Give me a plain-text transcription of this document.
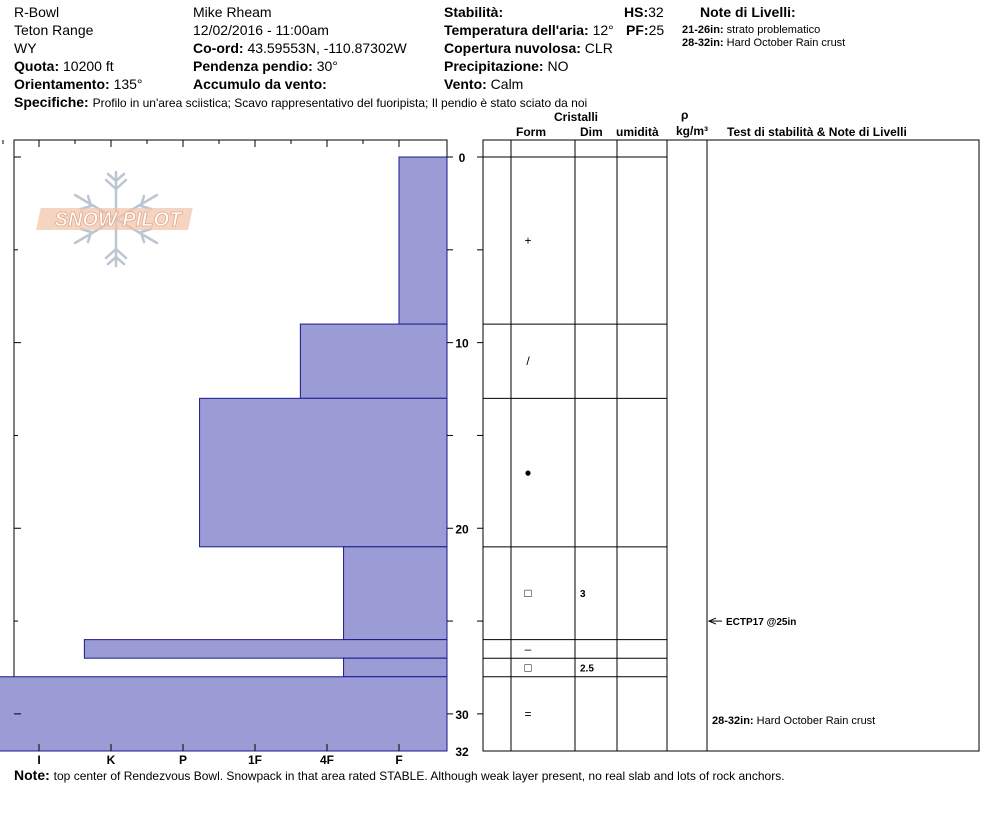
R-Bowl
Teton Range
WY
Quota: 10200 ft
Orientamento: 135°
Mike Rheam
12/02/2016 - 11:00am
Co-ord: 43.59553N, -110.87302W
Pendenza pendio: 30°
Accumulo da vento:
Stabilità:
Temperatura dell'aria: 12°
Copertura nuvolosa: CLR
Precipitazione: NO
Vento: Calm
HS:32
PF:25
Note di Livelli:
21-26in: strato problematico
28-32in: Hard October Rain crust
Specifiche: Profilo in un'area sciistica; Scavo rappresentativo del fuoripista; Il pendio è stato sciato da noi
Cristalli
Form	Dim umidità
ρ
kg/m³ Test di stabilità & Note di Livelli
SNOW PILOT
I	K	P	1F	4F	F
0
10
20
30
32
+
/
●
□	3
–
□	2.5
=
ECTP17 @25in
28-32in: Hard October Rain crust
Note: top center of Rendezvous Bowl. Snowpack in that area rated STABLE. Although weak layer present, no real slab and lots of rock anchors.
